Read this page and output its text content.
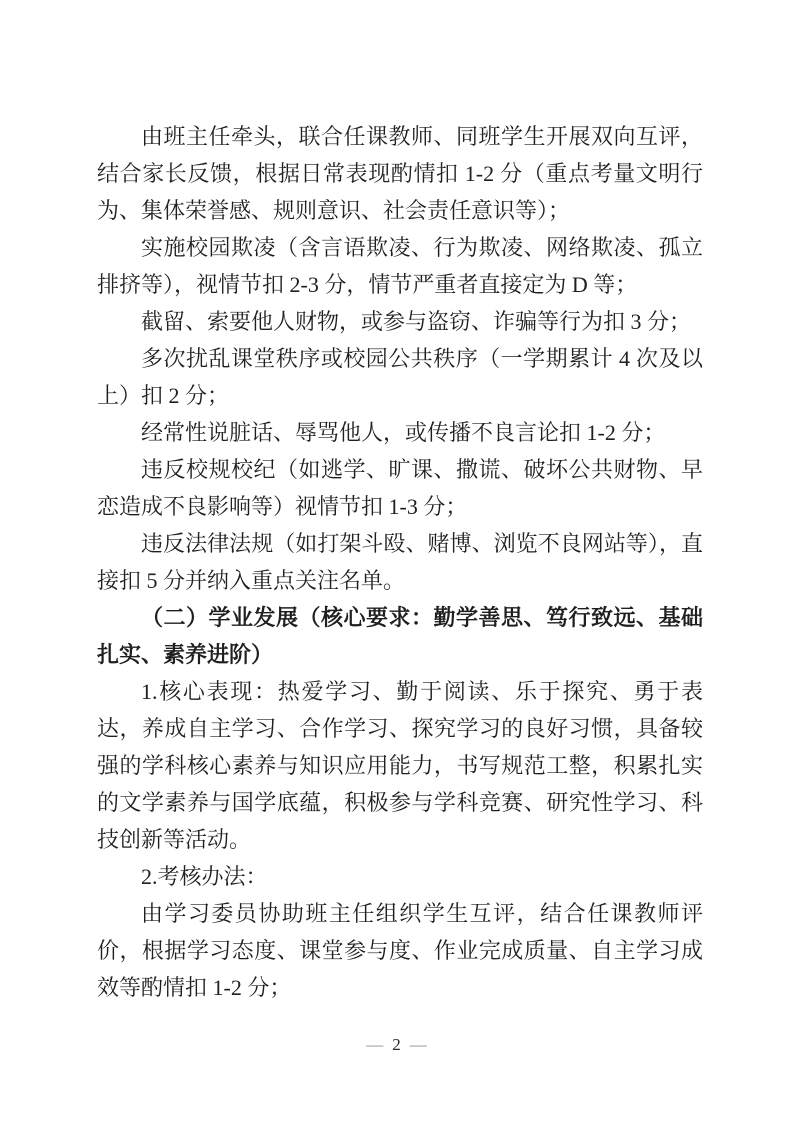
由班主任牵头，联合任课教师、同班学生开展双向互评，结合家长反馈，根据日常表现酌情扣 1-2 分（重点考量文明行为、集体荣誉感、规则意识、社会责任意识等）；

实施校园欺凌（含言语欺凌、行为欺凌、网络欺凌、孤立排挤等），视情节扣 2-3 分，情节严重者直接定为 D 等；

截留、索要他人财物，或参与盗窃、诈骗等行为扣 3 分；

多次扰乱课堂秩序或校园公共秩序（一学期累计 4 次及以上）扣 2 分；

经常性说脏话、辱骂他人，或传播不良言论扣 1-2 分；

违反校规校纪（如逃学、旷课、撒谎、破坏公共财物、早恋造成不良影响等）视情节扣 1-3 分；

违反法律法规（如打架斗殴、赌博、浏览不良网站等），直接扣 5 分并纳入重点关注名单。

（二）学业发展（核心要求：勤学善思、笃行致远、基础扎实、素养进阶）

1.核心表现：热爱学习、勤于阅读、乐于探究、勇于表达，养成自主学习、合作学习、探究学习的良好习惯，具备较强的学科核心素养与知识应用能力，书写规范工整，积累扎实的文学素养与国学底蕴，积极参与学科竞赛、研究性学习、科技创新等活动。

2.考核办法：

由学习委员协助班主任组织学生互评，结合任课教师评价，根据学习态度、课堂参与度、作业完成质量、自主学习成效等酌情扣 1-2 分；

— 2 —
